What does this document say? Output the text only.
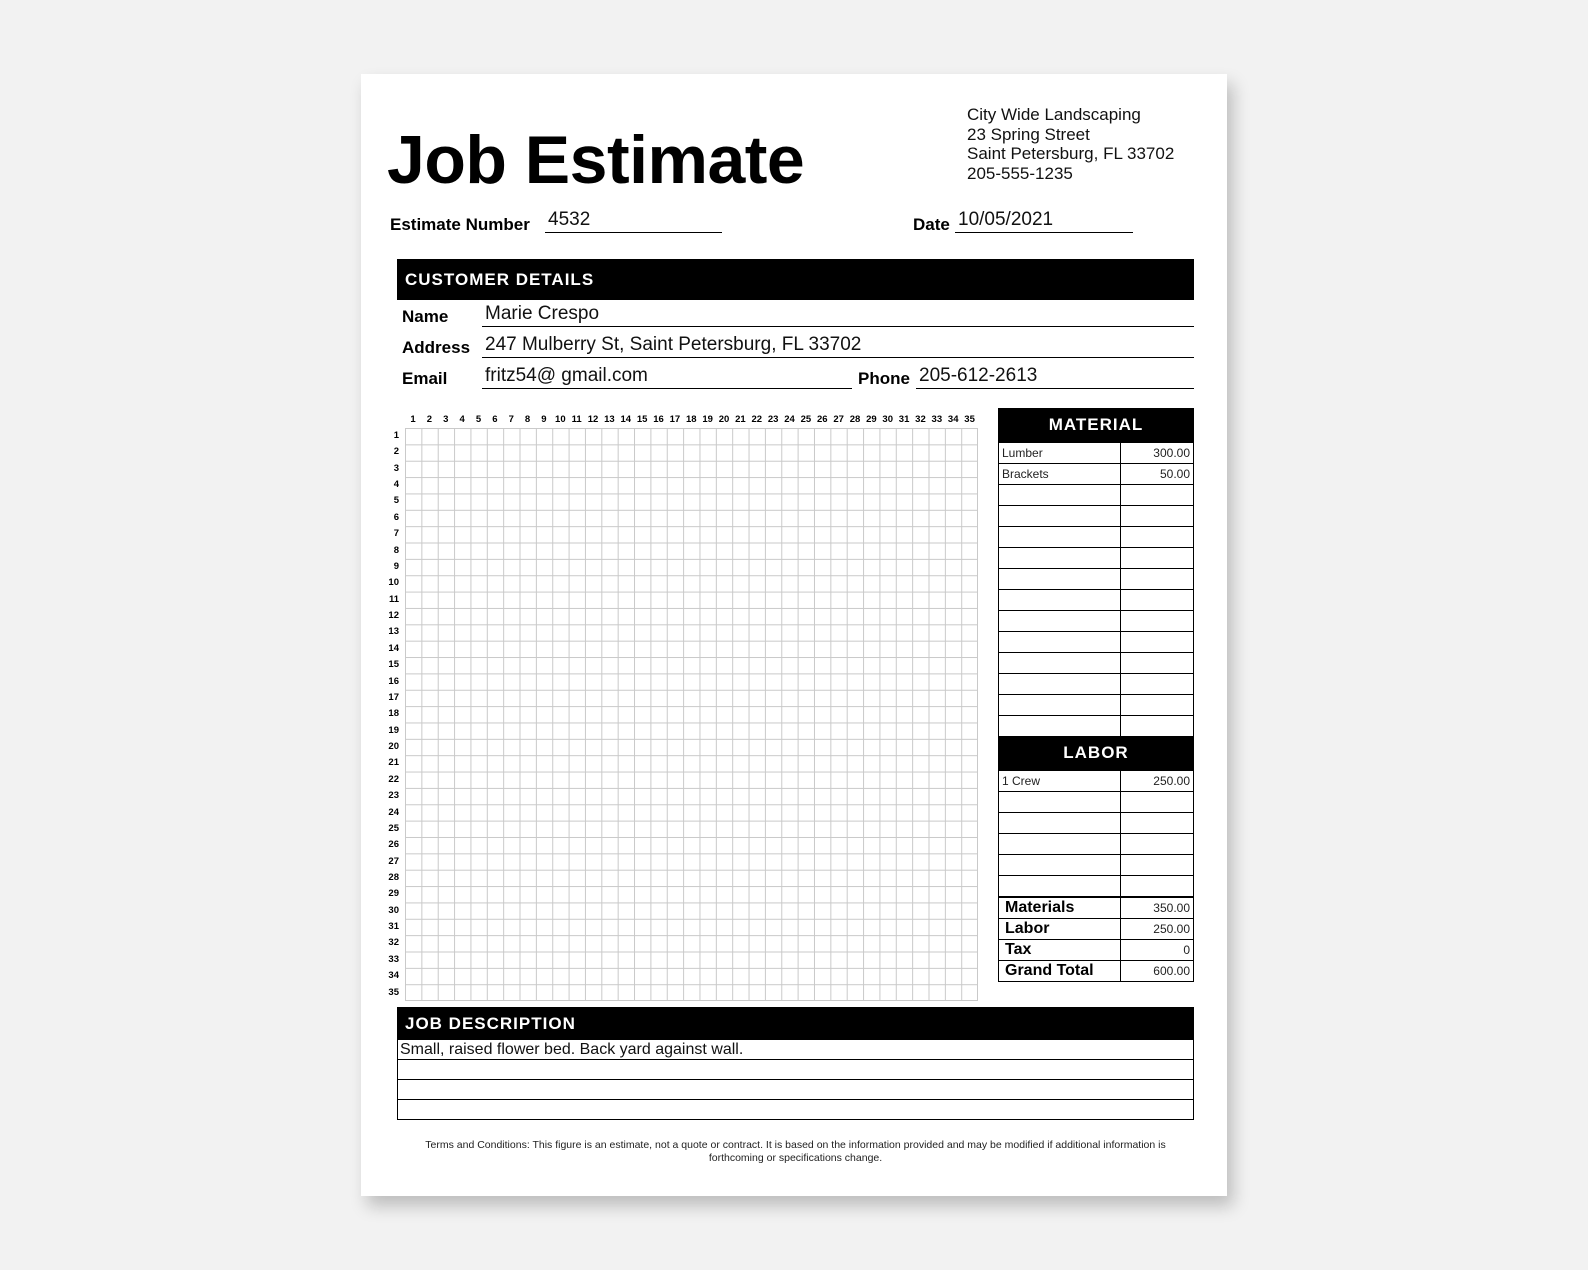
Job Estimate
City Wide Landscaping
23 Spring Street
Saint Petersburg, FL 33702
205-555-1235
Estimate Number 4532	Date 10/05/2021
CUSTOMER DETAILS
Name Marie Crespo
Address 247 Mulberry St, Saint Petersburg, FL 33702
Email fritz54@ gmail.com	Phone 205-612-2613
1	2	3	4	5	6	7	8	9 10 11 12 13 14 15 16 17 18 19 20 21 22 23 24 25 26 27 28 29 30 31 32 33 34 35
1
2
3
4
5
6
7
8
9
10
11
12
13
14
15
16
17
18
19
20
21
22
23
24
25
26
27
28
29
30
31
32
33
34
35
MATERIAL
Lumber	300.00
Brackets	50.00

LABOR
1 Crew	250.00

Materials	350.00
Labor	250.00
Tax	0
Grand Total	600.00
JOB DESCRIPTION
Small, raised flower bed. Back yard against wall.
Terms and Conditions: This figure is an estimate, not a quote or contract. It is based on the information provided and may be modified if additional information is forthcoming or specifications change.
